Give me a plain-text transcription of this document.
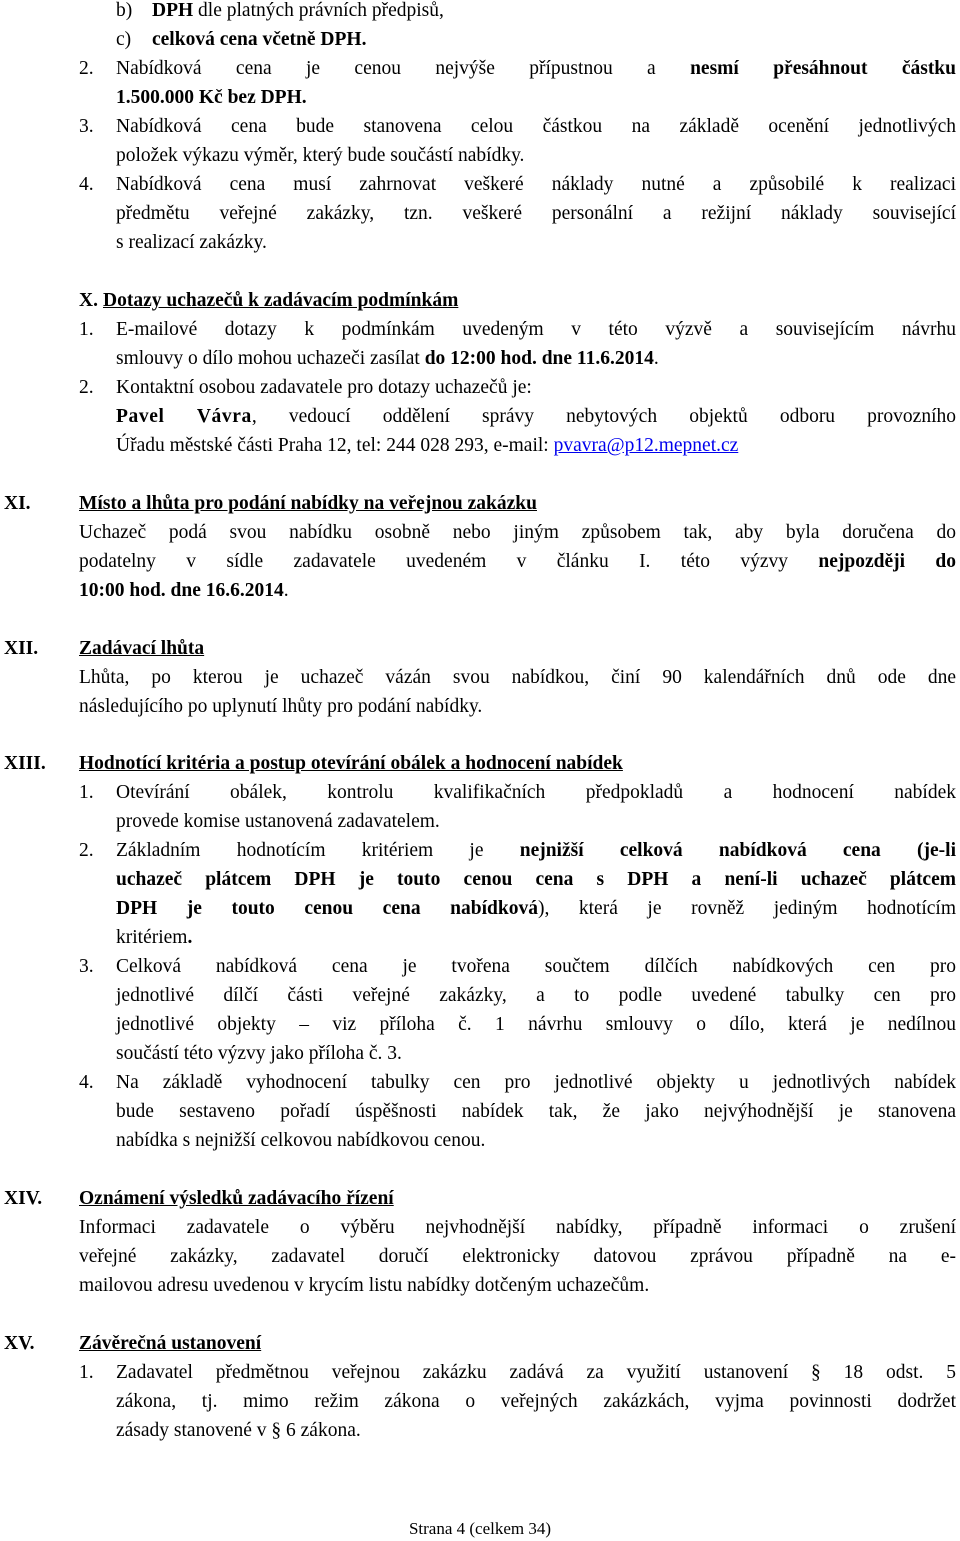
b) DPH dle platných právních předpisů,
c) celková cena včetně DPH.
2. Nabídková cena je cenou nejvýše přípustnou a nesmí přesáhnout částku
1.500.000 Kč bez DPH.
3. Nabídková cena bude stanovena celou částkou na základě ocenění jednotlivých
položek výkazu výměr, který bude součástí nabídky.
4. Nabídková cena musí zahrnovat veškeré náklady nutné a způsobilé k realizaci
předmětu veřejné zakázky, tzn. veškeré personální a režijní náklady související
s realizací zakázky.
X. Dotazy uchazečů k zadávacím podmínkám
1. E-mailové dotazy k podmínkám uvedeným v této výzvě a souvisejícím návrhu
smlouvy o dílo mohou uchazeči zasílat do 12:00 hod. dne 11.6.2014.
2. Kontaktní osobou zadavatele pro dotazy uchazečů je:
Pavel Vávra, vedoucí oddělení správy nebytových objektů odboru provozního
Úřadu městské části Praha 12, tel: 244 028 293, e-mail: pvavra@p12.mepnet.cz
XI. Místo a lhůta pro podání nabídky na veřejnou zakázku
Uchazeč podá svou nabídku osobně nebo jiným způsobem tak, aby byla doručena do
podatelny v sídle zadavatele uvedeném v článku I. této výzvy nejpozději do
10:00 hod. dne 16.6.2014.
XII. Zadávací lhůta
Lhůta, po kterou je uchazeč vázán svou nabídkou, činí 90 kalendářních dnů ode dne
následujícího po uplynutí lhůty pro podání nabídky.
XIII. Hodnotící kritéria a postup otevírání obálek a hodnocení nabídek
1. Otevírání obálek, kontrolu kvalifikačních předpokladů a hodnocení nabídek
provede komise ustanovená zadavatelem.
2. Základním hodnotícím kritériem je nejnižší celková nabídková cena (je-li
uchazeč plátcem DPH je touto cenou cena s DPH a není-li uchazeč plátcem
DPH je touto cenou cena nabídková), která je rovněž jediným hodnotícím
kritériem.
3. Celková nabídková cena je tvořena součtem dílčích nabídkových cen pro
jednotlivé dílčí části veřejné zakázky, a to podle uvedené tabulky cen pro
jednotlivé objekty – viz příloha č. 1 návrhu smlouvy o dílo, která je nedílnou
součástí této výzvy jako příloha č. 3.
4. Na základě vyhodnocení tabulky cen pro jednotlivé objekty u jednotlivých nabídek
bude sestaveno pořadí úspěšnosti nabídek tak, že jako nejvýhodnější je stanovena
nabídka s nejnižší celkovou nabídkovou cenou.
XIV. Oznámení výsledků zadávacího řízení
Informaci zadavatele o výběru nejvhodnější nabídky, případně informaci o zrušení
veřejné zakázky, zadavatel doručí elektronicky datovou zprávou případně na e-
mailovou adresu uvedenou v krycím listu nabídky dotčeným uchazečům.
XV. Závěrečná ustanovení
1. Zadavatel předmětnou veřejnou zakázku zadává za využití ustanovení § 18 odst. 5
zákona, tj. mimo režim zákona o veřejných zakázkách, vyjma povinnosti dodržet
zásady stanovené v § 6 zákona.
Strana 4 (celkem 34)
